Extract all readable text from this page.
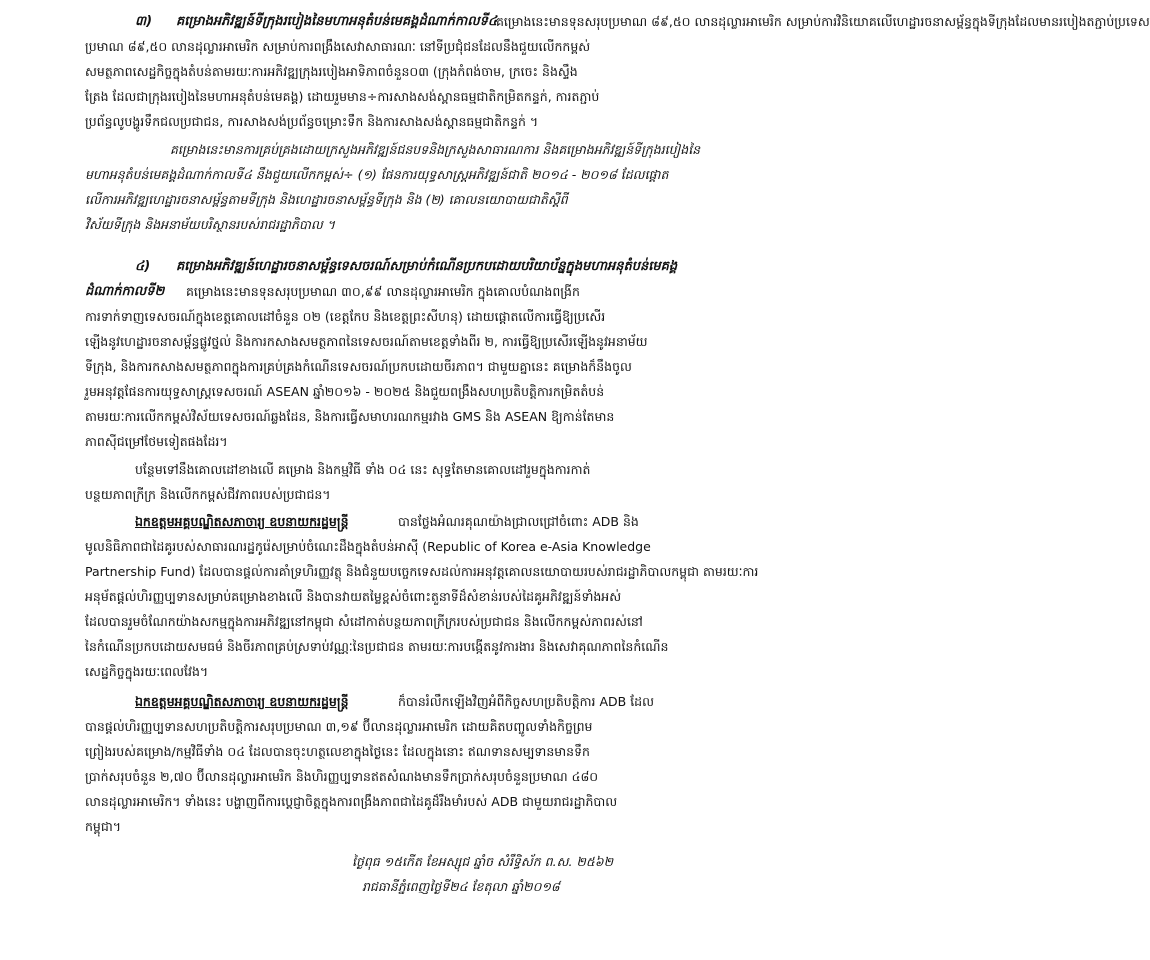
៣) គម្រោងអភិវឌ្ឍន៍ទីក្រុងរបៀងនៃមហាអនុតំបន់មេគង្គដំណាក់កាលទី៤
គម្រោងនេះមានទុនសរុបប្រមាណ ៨៩,៥០ លានដុល្លារអាមេរិក សម្រាប់ការវិនិយោគលើហេដ្ឋារចនាសម្ព័ន្ធក្នុងទីក្រុងដែលមានរបៀងតភ្ជាប់ប្រទេស
ប្រមាណ ៨៩,៥០ លានដុល្លារអាមេរិក សម្រាប់ការពង្រឹងសេវាសាធារណៈ នៅទីប្រជុំជនដែលនឹងជួយលើកកម្ពស់
សមត្ថភាពសេដ្ឋកិច្ចក្នុងតំបន់តាមរយៈការអភិវឌ្ឍក្រុងរបៀងអាទិភាពចំនួន០៣ (ក្រុងកំពង់ចាម, ក្រចេះ និងស្ទឹង
ត្រែង ដែលជាក្រុងរបៀងនៃមហាអនុតំបន់មេគង្គ) ដោយរួមមាន÷ការសាងសង់ស្ពានធម្មជាតិកម្រិតកន្ទក់, ការតភ្ជាប់
ប្រព័ន្ធលូបង្ហូរទឹកជលប្រជាជន, ការសាងសង់ប្រព័ន្ធចម្រោះទឹក និងការសាងសង់ស្ពានធម្មជាតិកន្ទក់ ។
គម្រោងនេះមានការគ្រប់គ្រងដោយក្រសួងអភិវឌ្ឍន៍ជនបទនិងក្រសួងសាធារណការ និងគម្រោងអភិវឌ្ឍន៍ទីក្រុងរបៀងនៃ
មហាអនុតំបន់មេគង្គដំណាក់កាលទី៤ នឹងជួយលើកកម្ពស់÷ (១) ផែនការយុទ្ធសាស្ត្រអភិវឌ្ឍន៍ជាតិ ២០១៤ - ២០១៨ ដែលផ្តោត
លើការអភិវឌ្ឍហេដ្ឋារចនាសម្ព័ន្ធតាមទីក្រុង និងហេដ្ឋារចនាសម្ព័ន្ធទីក្រុង និង (២) គោលនយោបាយជាតិស្តីពី
វិស័យទីក្រុង និងអនាម័យបរិស្ថានរបស់រាជរដ្ឋាភិបាល ។
៤) គម្រោងអភិវឌ្ឍន៍ហេដ្ឋារចនាសម្ព័ន្ធទេសចរណ៍សម្រាប់កំណើនប្រកបដោយបរិយាប័ន្នក្នុងមហាអនុតំបន់មេគង្គ
ដំណាក់កាលទី២	គម្រោងនេះមានទុនសរុបប្រមាណ ៣០,៩៩ លានដុល្លារអាមេរិក ក្នុងគោលបំណងពង្រីក
ការទាក់ទាញទេសចរណ៍ក្នុងខេត្តគោលដៅចំនួន ០២ (ខេត្តកែប និងខេត្តព្រះសីហនុ) ដោយផ្តោតលើការធ្វើឱ្យប្រសើរ
ឡើងនូវហេដ្ឋារចនាសម្ព័ន្ធផ្លូវថ្នល់ និងការកសាងសមត្ថភាពនៃទេសចរណ៍តាមខេត្តទាំងពីរ ២, ការធ្វើឱ្យប្រសើរឡើងនូវអនាម័យ
ទីក្រុង, និងការកសាងសមត្ថភាពក្នុងការគ្រប់គ្រងកំណើនទេសចរណ៍ប្រកបដោយចីរភាព។ ជាមួយគ្នានេះ គម្រោងក៏នឹងចូល
រួមអនុវត្តផែនការយុទ្ធសាស្ត្រទេសចរណ៍ ASEAN ឆ្នាំ២០១៦ - ២០២៥ និងជួយពង្រឹងសហប្រតិបត្តិការកម្រិតតំបន់
តាមរយៈការលើកកម្ពស់វិស័យទេសចរណ៍ឆ្លងដែន, និងការធ្វើសមាហរណកម្មរវាង GMS និង ASEAN ឱ្យកាន់តែមាន
ភាពស៊ីជម្រៅថែមទៀតផងដែរ។
បន្ថែមទៅនឹងគោលដៅខាងលើ គម្រោង និងកម្មវិធី ទាំង ០៤ នេះ សុទ្ធតែមានគោលដៅរួមក្នុងការកាត់
បន្ថយភាពក្រីក្រ និងលើកកម្ពស់ជីវភាពរបស់ប្រជាជន។
ឯកឧត្តមអគ្គបណ្ឌិតសភាចារ្យ ឧបនាយករដ្ឋមន្ត្រី	បានថ្លែងអំណរគុណយ៉ាងជ្រាលជ្រៅចំពោះ ADB និង
មូលនិធិភាពជាដៃគូរបស់សាធារណរដ្ឋកូរ៉េសម្រាប់ចំណេះដឹងក្នុងតំបន់អាស៊ី (Republic of Korea e-Asia Knowledge
Partnership Fund) ដែលបានផ្តល់ការគាំទ្រហិរញ្ញវត្ថុ និងជំនួយបច្ចេកទេសដល់ការអនុវត្តគោលនយោបាយរបស់រាជរដ្ឋាភិបាលកម្ពុជា តាមរយៈការ
អនុម័តផ្តល់ហិរញ្ញប្បទានសម្រាប់គម្រោងខាងលើ និងបានវាយតម្លៃខ្ពស់ចំពោះតួនាទីដ៏សំខាន់របស់ដៃគូអភិវឌ្ឍន៍ទាំងអស់
ដែលបានរួមចំណែកយ៉ាងសកម្មក្នុងការអភិវឌ្ឍនៅកម្ពុជា សំដៅកាត់បន្ថយភាពក្រីក្ររបស់ប្រជាជន និងលើកកម្ពស់ភាពរស់នៅ
នៃកំណើនប្រកបដោយសមធម៌ និងចីរភាពគ្រប់ស្រទាប់វណ្ណៈនៃប្រជាជន តាមរយៈការបង្កើតនូវការងារ និងសេវាគុណភាពនៃកំណើន
សេដ្ឋកិច្ចក្នុងរយៈពេលវែង។
ឯកឧត្តមអគ្គបណ្ឌិតសភាចារ្យ ឧបនាយករដ្ឋមន្ត្រី	ក៏បានរំលឹកឡើងវិញអំពីកិច្ចសហប្រតិបត្តិការ ADB ដែល
បានផ្តល់ហិរញ្ញប្បទានសហប្រតិបត្តិការសរុបប្រមាណ ៣,១៩ ប៊ីលានដុល្លារអាមេរិក ដោយគិតបញ្ចូលទាំងកិច្ចព្រម
ព្រៀងរបស់គម្រោង/កម្មវិធីទាំង ០៤ ដែលបានចុះហត្ថលេខាក្នុងថ្ងៃនេះ ដែលក្នុងនោះ ឥណទានសម្បទានមានទឹក
ប្រាក់សរុបចំនួន ២,៧០ ប៊ីលានដុល្លារអាមេរិក និងហិរញ្ញប្បទានឥតសំណងមានទឹកប្រាក់សរុបចំនួនប្រមាណ ៤៨០
លានដុល្លារអាមេរិក។ ទាំងនេះ បង្ហាញពីការប្តេជ្ញាចិត្តក្នុងការពង្រឹងភាពជាដៃគូដ៏រឹងមាំរបស់ ADB ជាមួយរាជរដ្ឋាភិបាល
កម្ពុជា។
ថ្ងៃពុធ ១៥កើត ខែអស្សុជ ឆ្នាំច សំរឹទ្ធិស័ក ព.ស. ២៥៦២
រាជធានីភ្នំពេញថ្ងៃទី២៤ ខែតុលា ឆ្នាំ២០១៨
